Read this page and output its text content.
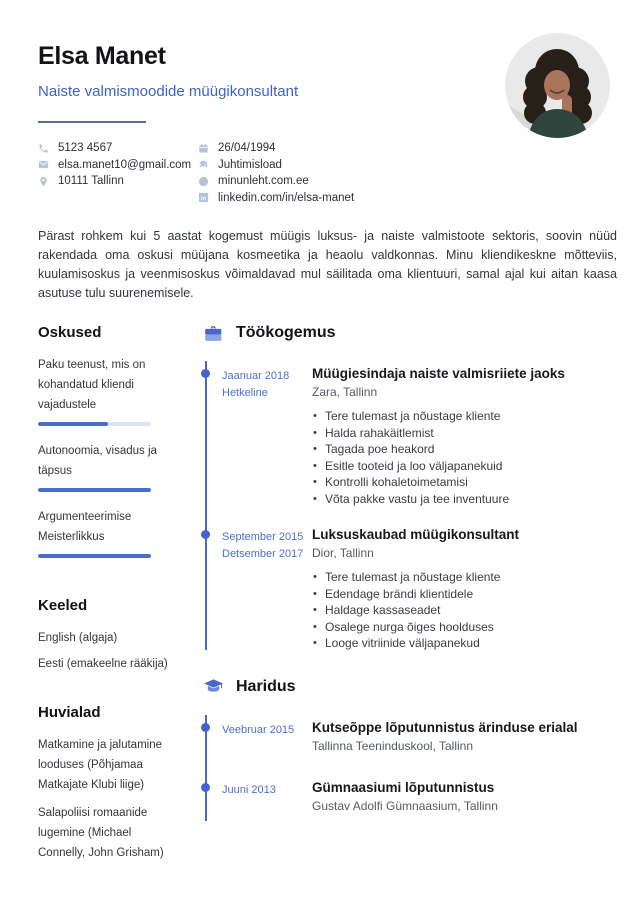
Elsa Manet
Naiste valmismoodide müügikonsultant
5123 4567
elsa.manet10@gmail.com
10111 Tallinn
26/04/1994
Juhtimisload
minunleht.com.ee
in linkedin.com/in/elsa-manet

Pärast rohkem kui 5 aastat kogemust müügis luksus- ja naiste valmistoote sektoris, soovin nüüd rakendada oma oskusi müüjana kosmeetika ja heaolu valdkonnas. Minu kliendikeskne mõtteviis, kuulamisoskus ja veenmisoskus võimaldavad mul säilitada oma klientuuri, samal ajal kui aitan kaasa asutuse tulu suurenemisele.

Oskused
Paku teenust, mis on kohandatud kliendi vajadustele
Autonoomia, visadus ja täpsus
Argumenteerimise Meisterlikkus
Keeled
English (algaja)
Eesti (emakeelne rääkija)
Huvialad
Matkamine ja jalutamine looduses (Põhjamaa Matkajate Klubi liige)
Salapoliisi romaanide lugemine (Michael Connelly, John Grisham)
Töökogemus
Jaanuar 2018
Hetkeline
Müügiesindaja naiste valmisriiete jaoks
Zara, Tallinn
• Tere tulemast ja nõustage kliente
• Halda rahakäitlemist
• Tagada poe heakord
• Esitle tooteid ja loo väljapanekuid
• Kontrolli kohaletoimetamisi
• Võta pakke vastu ja tee inventuure
September 2015
Detsember 2017
Luksuskaubad müügikonsultant
Dior, Tallinn
• Tere tulemast ja nõustage kliente
• Edendage brändi klientidele
• Haldage kassaseadet
• Osalege nurga õiges hoolduses
• Looge vitriinide väljapanekud
Haridus
Veebruar 2015	Kutseõppe lõputunnistus ärinduse erialal
Tallinna Teeninduskool, Tallinn
Juuni 2013	Gümnaasiumi lõputunnistus
Gustav Adolfi Gümnaasium, Tallinn
